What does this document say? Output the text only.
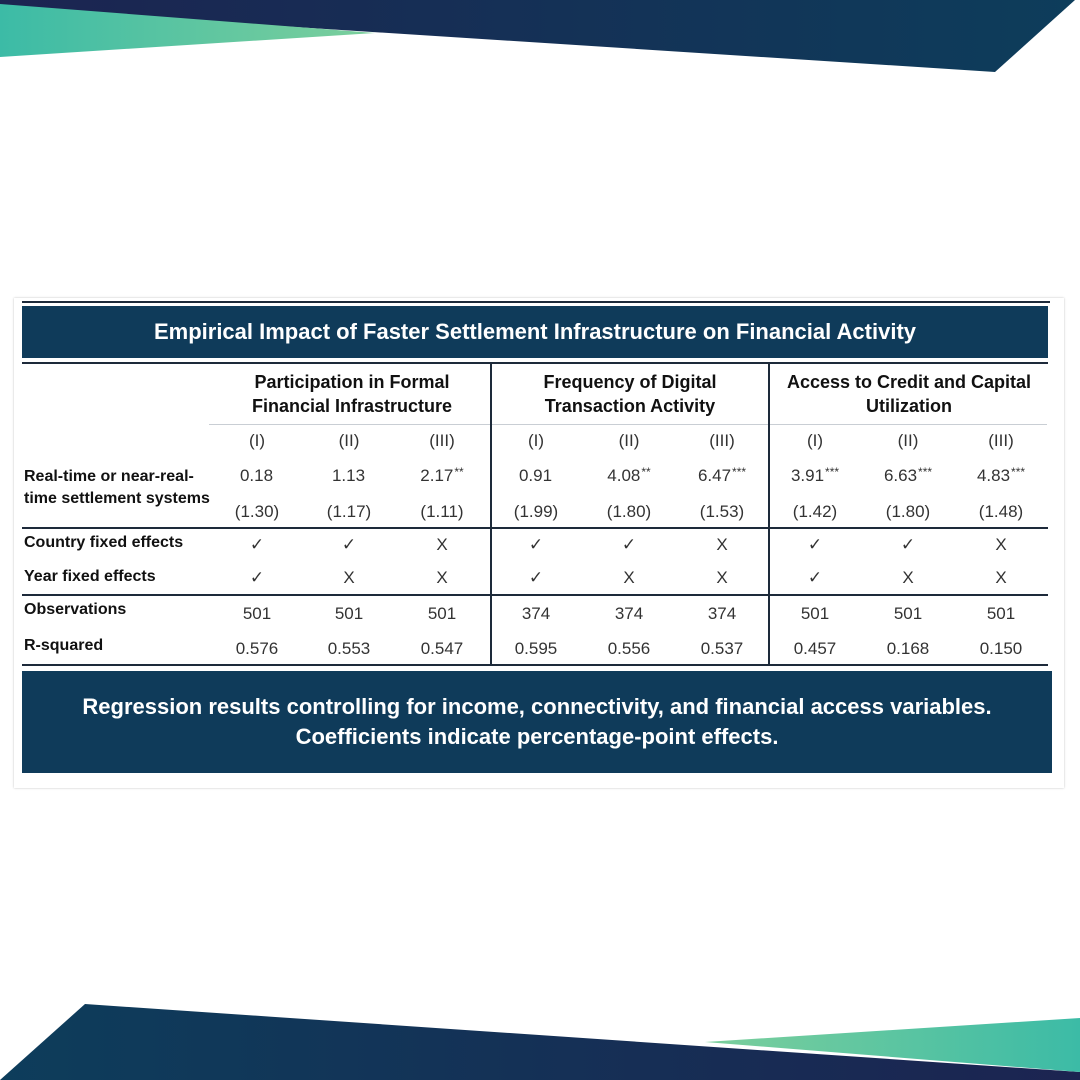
Empirical Impact of Faster Settlement Infrastructure on Financial Activity
Participation in Formal Financial Infrastructure
Frequency of Digital Transaction Activity
Access to Credit and Capital Utilization
Real-time or near-real-time settlement systems
Country fixed effects
Year fixed effects
Observations
R-squared
(I)
0.18
(1.30)
✓
✓
501
0.576
(II)
1.13
(1.17)
✓
X
501
0.553
(III)
2.17**
(1.11)
X
X
501
0.547
(I)
0.91
(1.99)
✓
✓
374
0.595
(II)
4.08**
(1.80)
✓
X
374
0.556
(III)
6.47***
(1.53)
X
X
374
0.537
(I)
3.91***
(1.42)
✓
✓
501
0.457
(II)
6.63***
(1.80)
✓
X
501
0.168
(III)
4.83***
(1.48)
X
X
501
0.150
Regression results controlling for income, connectivity, and financial access variables. Coefficients indicate percentage-point effects.
